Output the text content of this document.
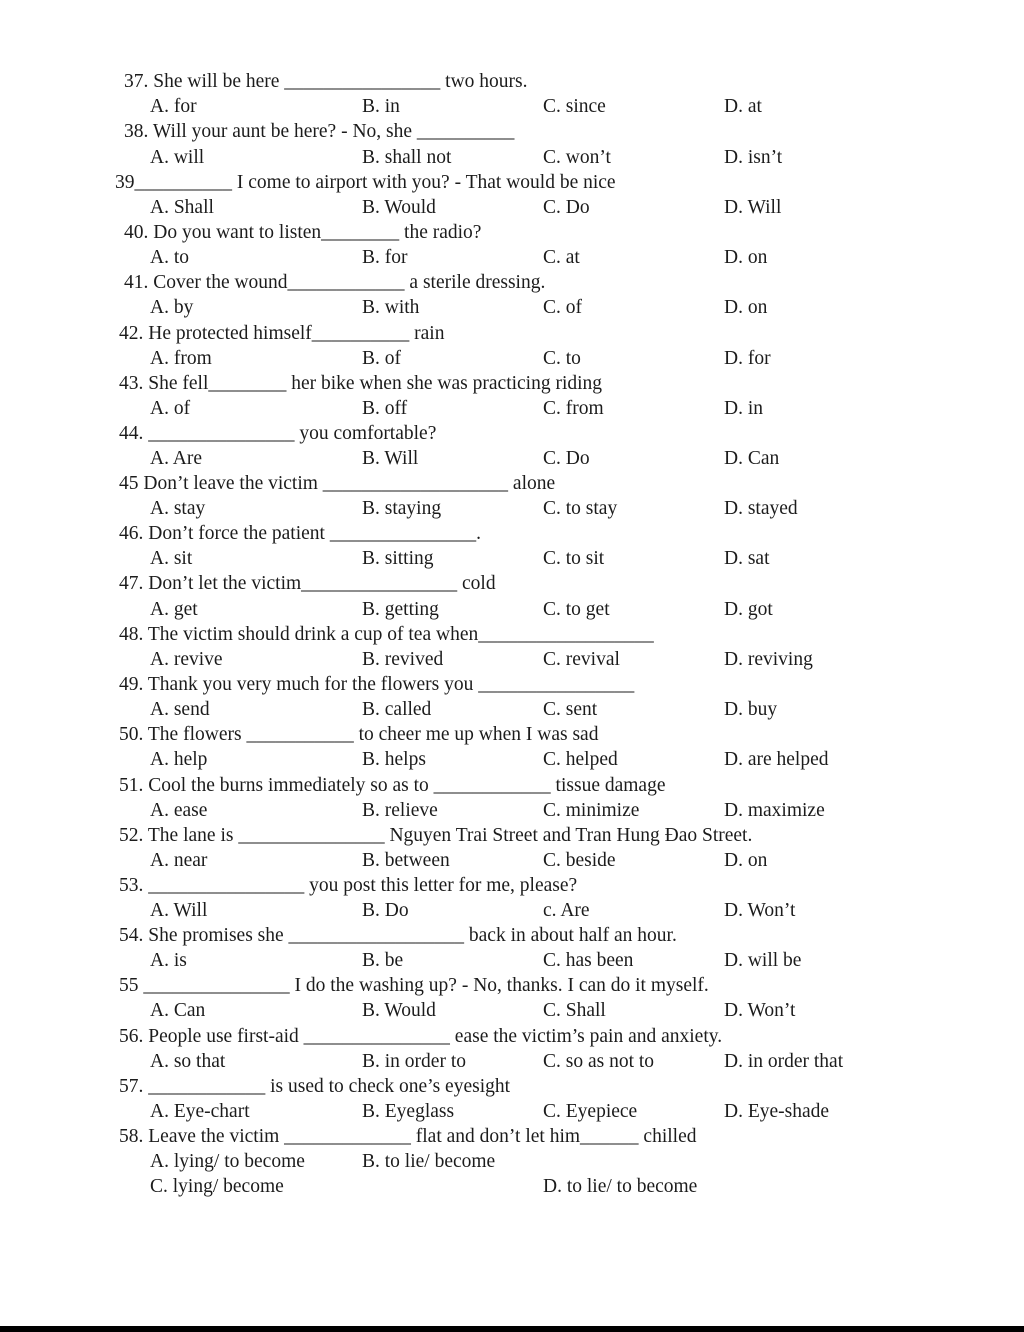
37. She will be here ________________ two hours.
A. for	B. in	C. since	D. at
38. Will your aunt be here? - No, she __________
A. will	B. shall not	C. won’t	D. isn’t
39__________ I come to airport with you? - That would be nice
A. Shall	B. Would	C. Do	D. Will
40. Do you want to listen________ the radio?
A. to	B. for	C. at	D. on
41. Cover the wound____________ a sterile dressing.
A. by	B. with	C. of	D. on
42. He protected himself__________ rain
A. from	B. of	C. to	D. for
43. She fell________ her bike when she was practicing riding
A. of	B. off	C. from	D. in
44. _______________ you comfortable?
A. Are	B. Will	C. Do	D. Can
45 Don’t leave the victim ___________________ alone
A. stay	B. staying	C. to stay	D. stayed
46. Don’t force the patient _______________.
A. sit	B. sitting	C. to sit	D. sat
47. Don’t let the victim________________ cold
A. get	B. getting	C. to get	D. got
48. The victim should drink a cup of tea when__________________
A. revive	B. revived	C. revival	D. reviving
49. Thank you very much for the flowers you ________________
A. send	B. called	C. sent	D. buy
50. The flowers ___________ to cheer me up when I was sad
A. help	B. helps	C. helped	D. are helped
51. Cool the burns immediately so as to ____________ tissue damage
A. ease	B. relieve	C. minimize	D. maximize
52. The lane is _______________ Nguyen Trai Street and Tran Hung Đao Street.
A. near	B. between	C. beside	D. on
53. ________________ you post this letter for me, please?
A. Will	B. Do	c. Are	D. Won’t
54. She promises she __________________ back in about half an hour.
A. is	B. be	C. has been	D. will be
55 _______________ I do the washing up? - No, thanks. I can do it myself.
A. Can	B. Would	C. Shall	D. Won’t
56. People use first-aid _______________ ease the victim’s pain and anxiety.
A. so that	B. in order to	C. so as not to	D. in order that
57. ____________ is used to check one’s eyesight
A. Eye-chart	B. Eyeglass	C. Eyepiece	D. Eye-shade
58. Leave the victim _____________ flat and don’t let him______ chilled
A. lying/ to become	B. to lie/ become
C. lying/ become	D. to lie/ to become
